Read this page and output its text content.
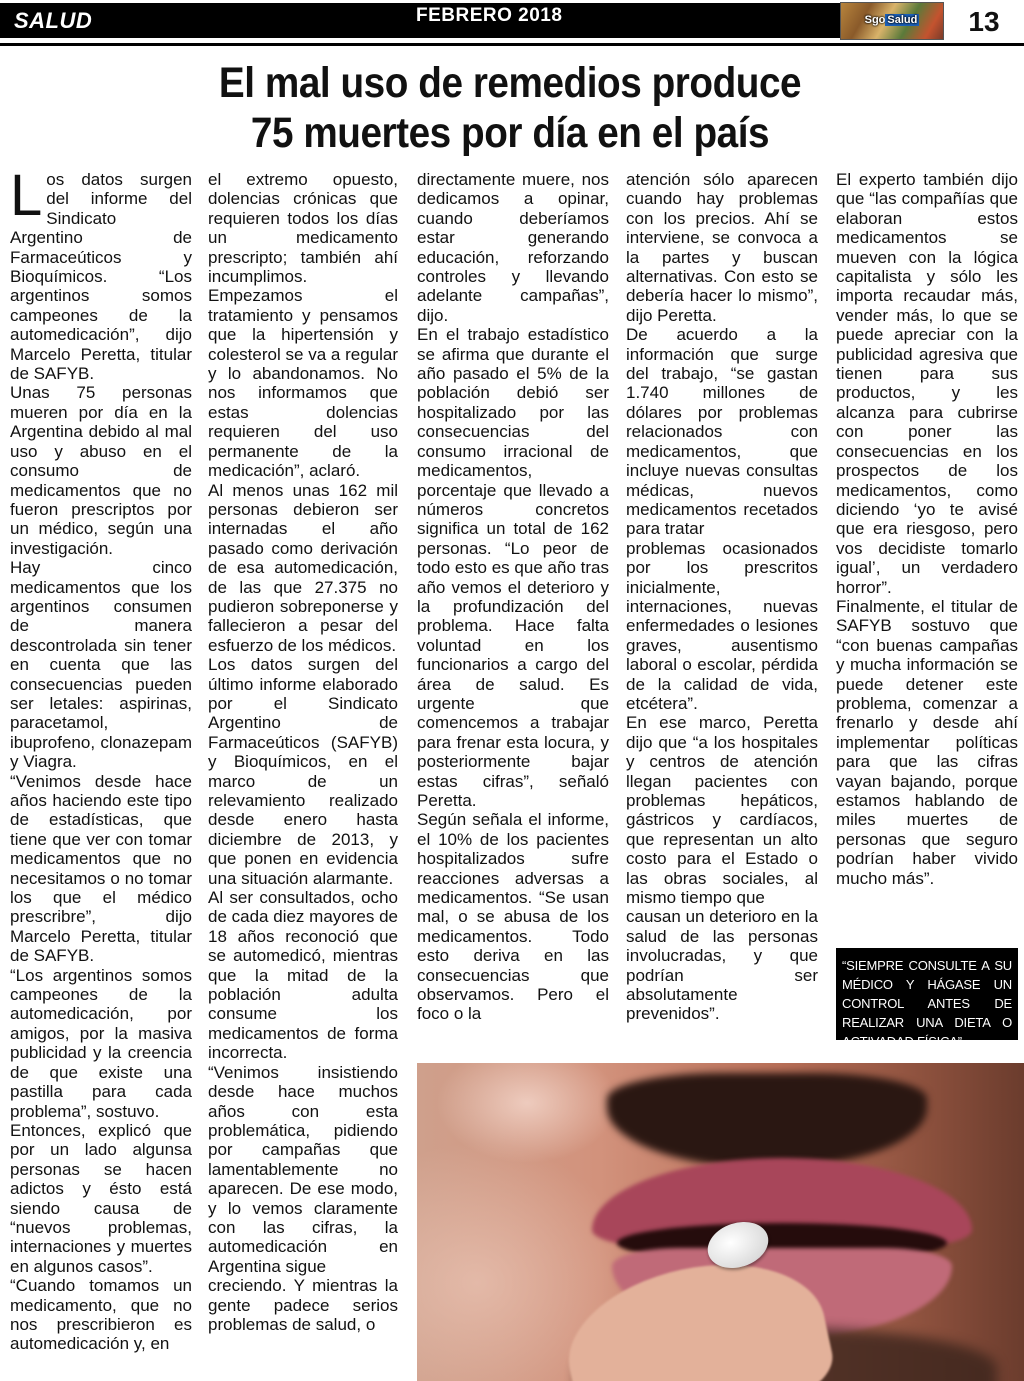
SALUD	FEBRERO 2018	Sgo Salud	13
El mal uso de remedios produce
75 muertes por día en el país

Los datos surgen del informe del Sindicato Argentino de Farmaceúticos y Bioquímicos. “Los argentinos somos campeones de la automedicación”, dijo Marcelo Peretta, titular de SAFYB.

Unas 75 personas mueren por día en la Argentina debido al mal uso y abuso en el consumo de medicamentos que no fueron prescriptos por un médico, según una investigación.

Hay cinco medicamentos que los argentinos consumen de manera descontrolada sin tener en cuenta que las consecuencias pueden ser letales: aspirinas, paracetamol, ibuprofeno, clonazepam y Viagra.

“Venimos desde hace años haciendo este tipo de estadísticas, que tiene que ver con tomar medicamentos que no necesitamos o no tomar los que el médico prescribre”, dijo Marcelo Peretta, titular de SAFYB.

“Los argentinos somos campeones de la automedicación, por amigos, por la masiva publicidad y la creencia de que existe una pastilla para cada problema”, sostuvo.

Entonces, explicó que por un lado algunsa personas se hacen adictos y ésto está siendo causa de “nuevos problemas, internaciones y muertes en algunos casos”.

“Cuando tomamos un medicamento, que no nos prescribieron es automedicación y, en

el extremo opuesto, dolencias crónicas que requieren todos los días un medicamento prescripto; también ahí incumplimos. Empezamos el tratamiento y pensamos que la hipertensión y colesterol se va a regular y lo abandonamos. No nos informamos que estas dolencias requieren del uso permanente de la medicación”, aclaró.

Al menos unas 162 mil personas debieron ser internadas el año pasado como derivación de esa automedicación, de las que 27.375 no pudieron sobreponerse y fallecieron a pesar del esfuerzo de los médicos.

Los datos surgen del último informe elaborado por el Sindicato Argentino de Farmaceúticos (SAFYB) y Bioquímicos, en el marco de un relevamiento realizado desde enero hasta diciembre de 2013, y que ponen en evidencia una situación alarmante.

Al ser consultados, ocho de cada diez mayores de 18 años reconoció que se automedicó, mientras que la mitad de la población adulta consume los medicamentos de forma incorrecta.

“Venimos insistiendo desde hace muchos años con esta problemática, pidiendo por campañas que lamentablemente no aparecen. De ese modo, y lo vemos claramente con las cifras, la automedicación en Argentina sigue

creciendo. Y mientras la gente padece serios problemas de salud, o

directamente muere, nos dedicamos a opinar, cuando deberíamos estar generando educación, reforzando controles y llevando adelante campañas”, dijo.

En el trabajo estadístico se afirma que durante el año pasado el 5% de la población debió ser hospitalizado por las consecuencias del consumo irracional de medicamentos, porcentaje que llevado a números concretos significa un total de 162 personas. “Lo peor de todo esto es que año tras año vemos el deterioro y la profundización del problema. Hace falta voluntad en los funcionarios a cargo del área de salud. Es urgente que comencemos a trabajar para frenar esta locura, y posteriormente bajar estas cifras”, señaló Peretta.

Según señala el informe, el 10% de los pacientes hospitalizados sufre reacciones adversas a medicamentos. “Se usan mal, o se abusa de los medicamentos. Todo esto deriva en las consecuencias que observamos. Pero el foco o la

atención sólo aparecen cuando hay problemas con los precios. Ahí se interviene, se convoca a la partes y buscan alternativas. Con esto se debería hacer lo mismo”, dijo Peretta.

De acuerdo a la información que surge del trabajo, “se gastan 1.740 millones de dólares por problemas relacionados con medicamentos, que incluye nuevas consultas médicas, nuevos medicamentos recetados para tratar

problemas ocasionados por los prescritos inicialmente, internaciones, nuevas enfermedades o lesiones graves, ausentismo laboral o escolar, pérdida de la calidad de vida, etcétera”.

En ese marco, Peretta dijo que “a los hospitales y centros de atención llegan pacientes con problemas hepáticos, gástricos y cardíacos, que representan un alto costo para el Estado o las obras sociales, al mismo tiempo que

causan un deterioro en la salud de las personas involucradas, y que podrían ser absolutamente prevenidos”.

El experto también dijo que “las compañías que elaboran estos medicamentos se mueven con la lógica capitalista y sólo les importa recaudar más, vender más, lo que se puede apreciar con la publicidad agresiva que tienen para sus productos, y les alcanza para cubrirse con poner las consecuencias en los prospectos de los medicamentos, como diciendo ‘yo te avisé que era riesgoso, pero vos decidiste tomarlo igual’, un verdadero horror”.

Finalmente, el titular de SAFYB sostuvo que “con buenas campañas y mucha información se puede detener este problema, comenzar a frenarlo y desde ahí implementar políticas para que las cifras vayan bajando, porque estamos hablando de miles muertes de personas que seguro podrían haber vivido mucho más”.

“SIEMPRE CONSULTE A SU MÉDICO Y HÁGASE UN CONTROL ANTES DE REALIZAR UNA DIETA O ACTIVADAD FÍSICA”
